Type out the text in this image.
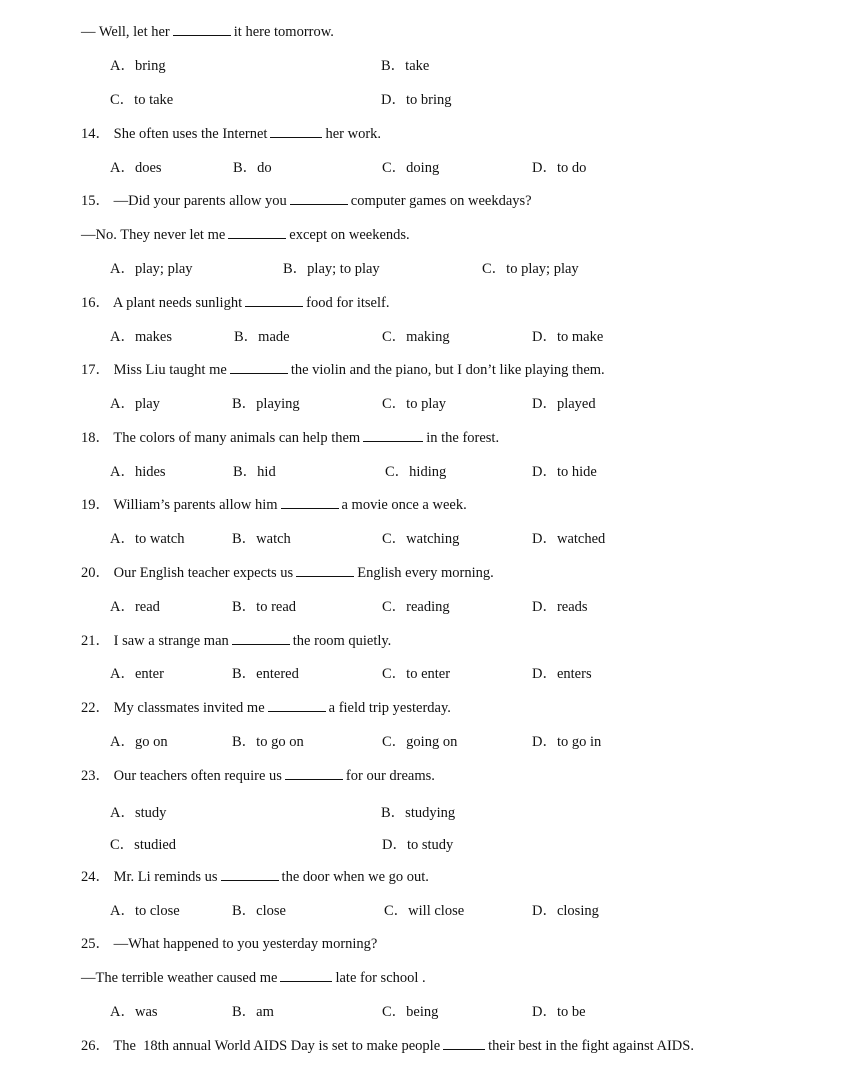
— Well, let her	it here tomorrow.
A．bring	B．take
C．to take	D．to bring
14． She often uses the Internet	her work.
A．does	B．do	C．doing	D．to do
15． —Did your parents allow you	computer games on weekdays?
—No. They never let me	except on weekends.
A．play; play	B．play; to play	C．to play; play
16． A plant needs sunlight	food for itself.
A．makes	B．made	C．making	D．to make
17． Miss Liu taught me	the violin and the piano, but I don’t like playing them.
A．play	B．playing	C．to play	D．played
18． The colors of many animals can help them	in the forest.
A．hides	B．hid	C．hiding	D．to hide
19． William’s parents allow him	a movie once a week.
A．to watch	B．watch	C．watching	D．watched
20． Our English teacher expects us	English every morning.
A．read	B．to read	C．reading	D．reads
21． I saw a strange man	the room quietly.
A．enter	B．entered	C．to enter	D．enters
22． My classmates invited me	a field trip yesterday.
A．go on	B．to go on	C．going on	D．to go in
23． Our teachers often require us	for our dreams.
A．study	B．studying
C．studied	D．to study
24． Mr. Li reminds us	the door when we go out.
A．to close	B．close	C．will close	D．closing
25． —What happened to you yesterday morning?
—The terrible weather caused me	late for school .
A．was	B．am	C．being	D．to be
26． The  18th annual World AIDS Day is set to make people	their best in the fight against AIDS.
